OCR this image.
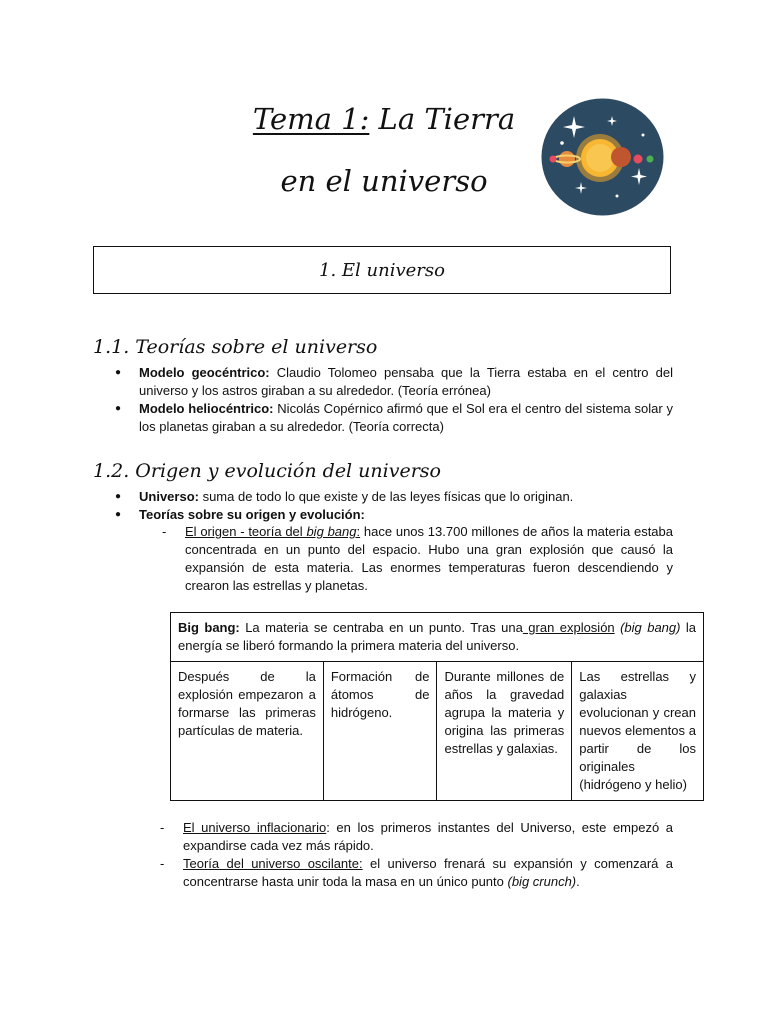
Tema 1: La Tierra
en el universo
1. El universo
1.1. Teorías sobre el universo
● Modelo geocéntrico: Claudio Tolomeo pensaba que la Tierra estaba en el centro del universo y los astros giraban a su alrededor. (Teoría errónea)
● Modelo heliocéntrico: Nicolás Copérnico afirmó que el Sol era el centro del sistema solar y los planetas giraban a su alrededor. (Teoría correcta)
1.2. Origen y evolución del universo
● Universo: suma de todo lo que existe y de las leyes físicas que lo originan.
● Teorías sobre su origen y evolución:
- El origen - teoría del big bang: hace unos 13.700 millones de años la materia estaba concentrada en un punto del espacio. Hubo una gran explosión que causó la expansión de esta materia. Las enormes temperaturas fueron descendiendo y crearon las estrellas y planetas.
Big bang: La materia se centraba en un punto. Tras una gran explosión (big bang) la energía se liberó formando la primera materia del universo.
Después de la explosión empezaron a formarse las primeras partículas de materia.	Formación de átomos de hidrógeno.	Durante millones de años la gravedad agrupa la materia y origina las primeras estrellas y galaxias.	Las estrellas y galaxias evolucionan y crean nuevos elementos a partir de los originales (hidrógeno y helio)
- El universo inflacionario: en los primeros instantes del Universo, este empezó a expandirse cada vez más rápido.
- Teoría del universo oscilante: el universo frenará su expansión y comenzará a concentrarse hasta unir toda la masa en un único punto (big crunch).
